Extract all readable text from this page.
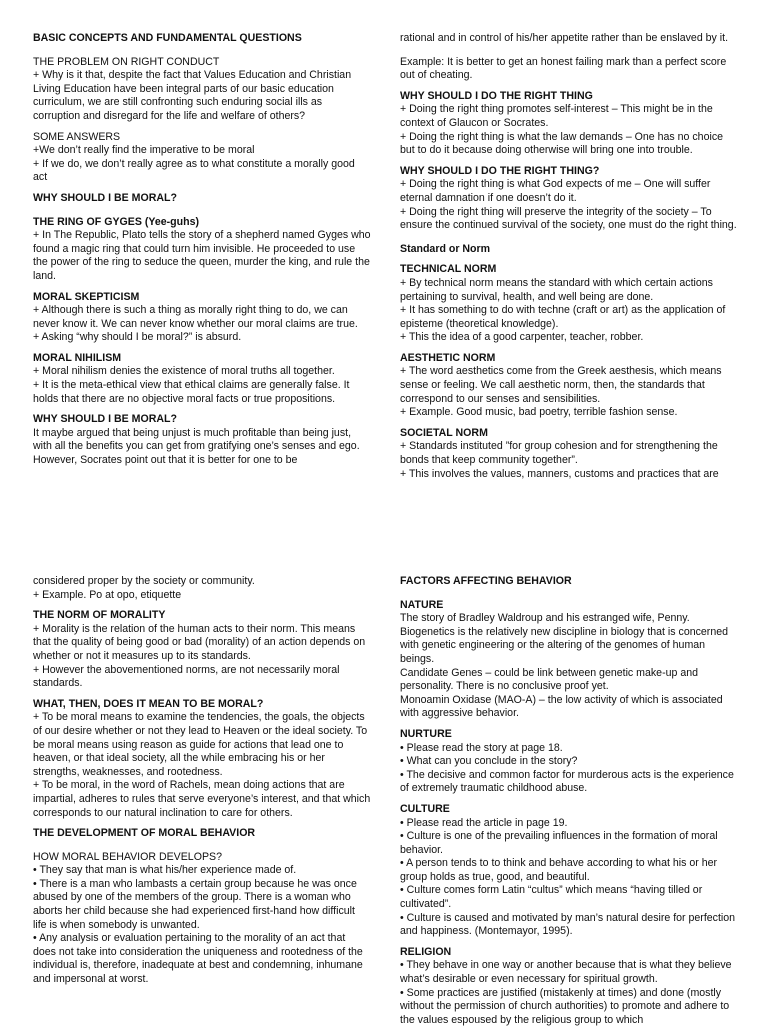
BASIC CONCEPTS AND FUNDAMENTAL QUESTIONS

THE PROBLEM ON RIGHT CONDUCT

+ Why is it that, despite the fact that Values Education and Christian Living Education have been integral parts of our basic education curriculum, we are still confronting such enduring social ills as corruption and disregard for the life and welfare of others?

SOME ANSWERS

+We don’t really find the imperative to be moral

+ If we do, we don’t really agree as to what constitute a morally good act

WHY SHOULD I BE MORAL?

THE RING OF GYGES (Yee-guhs)

+ In The Republic, Plato tells the story of a shepherd named Gyges who found a magic ring that could turn him invisible. He proceeded to use the power of the ring to seduce the queen, murder the king, and rule the land.

MORAL SKEPTICISM

+ Although there is such a thing as morally right thing to do, we can never know it. We can never know whether our moral claims are true.

+ Asking “why should I be moral?” is absurd.

MORAL NIHILISM

+ Moral nihilism denies the existence of moral truths all together.

+ It is the meta-ethical view that ethical claims are generally false. It holds that there are no objective moral facts or true propositions.

WHY SHOULD I BE MORAL?

It maybe argued that being unjust is much profitable than being just, with all the benefits you can get from gratifying one’s senses and ego. However, Socrates point out that it is better for one to be

rational and in control of his/her appetite rather than be enslaved by it.

Example: It is better to get an honest failing mark than a perfect score out of cheating.

WHY SHOULD I DO THE RIGHT THING

+ Doing the right thing promotes self-interest – This might be in the context of Glaucon or Socrates.

+ Doing the right thing is what the law demands – One has no choice but to do it because doing otherwise will bring one into trouble.

WHY SHOULD I DO THE RIGHT THING?

+ Doing the right thing is what God expects of me – One will suffer eternal damnation if one doesn’t do it.

+ Doing the right thing will preserve the integrity of the society – To ensure the continued survival of the society, one must do the right thing.

Standard or Norm

TECHNICAL NORM

+ By technical norm means the standard with which certain actions pertaining to survival, health, and well being are done.

+ It has something to do with techne (craft or art) as the application of episteme (theoretical knowledge).

+ This the idea of a good carpenter, teacher, robber.

AESTHETIC NORM

+ The word aesthetics come from the Greek aesthesis, which means sense or feeling. We call aesthetic norm, then, the standards that correspond to our senses and sensibilities.

+ Example. Good music, bad poetry, terrible fashion sense.

SOCIETAL NORM

+ Standards instituted ”for group cohesion and for strengthening the bonds that keep community together”.

+ This involves the values, manners, customs and practices that are

considered proper by the society or community.

+ Example. Po at opo, etiquette

THE NORM OF MORALITY

+ Morality is the relation of the human acts to their norm. This means that the quality of being good or bad (morality) of an action depends on whether or not it measures up to its standards.

+ However the abovementioned norms, are not necessarily moral standards.

WHAT, THEN, DOES IT MEAN TO BE MORAL?

+ To be moral means to examine the tendencies, the goals, the objects of our desire whether or not they lead to Heaven or the ideal society. To be moral means using reason as guide for actions that lead one to heaven, or that ideal society, all the while embracing his or her strengths, weaknesses, and rootedness.

+ To be moral, in the word of Rachels, mean doing actions that are impartial, adheres to rules that serve everyone’s interest, and that which corresponds to our natural inclination to care for others.

THE DEVELOPMENT OF MORAL BEHAVIOR

HOW MORAL BEHAVIOR DEVELOPS?

• They say that man is what his/her experience made of.

• There is a man who lambasts a certain group because he was once abused by one of the members of the group. There is a woman who aborts her child because she had experienced first-hand how difficult life is when somebody is unwanted.

• Any analysis or evaluation pertaining to the morality of an act that does not take into consideration the uniqueness and rootedness of the individual is, therefore, inadequate at best and condemning, inhumane and impersonal at worst.

FACTORS AFFECTING BEHAVIOR

NATURE

The story of Bradley Waldroup and his estranged wife, Penny.

Biogenetics is the relatively new discipline in biology that is concerned with genetic engineering or the altering of the genomes of human beings.

Candidate Genes – could be link between genetic make-up and personality. There is no conclusive proof yet.

Monoamin Oxidase (MAO-A) – the low activity of which is associated with aggressive behavior.

NURTURE

• Please read the story at page 18.

• What can you conclude in the story?

• The decisive and common factor for murderous acts is the experience of extremely traumatic childhood abuse.

CULTURE

• Please read the article in page 19.

• Culture is one of the prevailing influences in the formation of moral behavior.

• A person tends to to think and behave according to what his or her group holds as true, good, and beautiful.

• Culture comes form Latin “cultus” which means “having tilled or cultivated”.

• Culture is caused and motivated by man’s natural desire for perfection and happiness. (Montemayor, 1995).

RELIGION

• They behave in one way or another because that is what they believe what’s desirable or even necessary for spiritual growth.

• Some practices are justified (mistakenly at times) and done (mostly without the permission of church authorities) to promote and adhere to the values espoused by the religious group to which
